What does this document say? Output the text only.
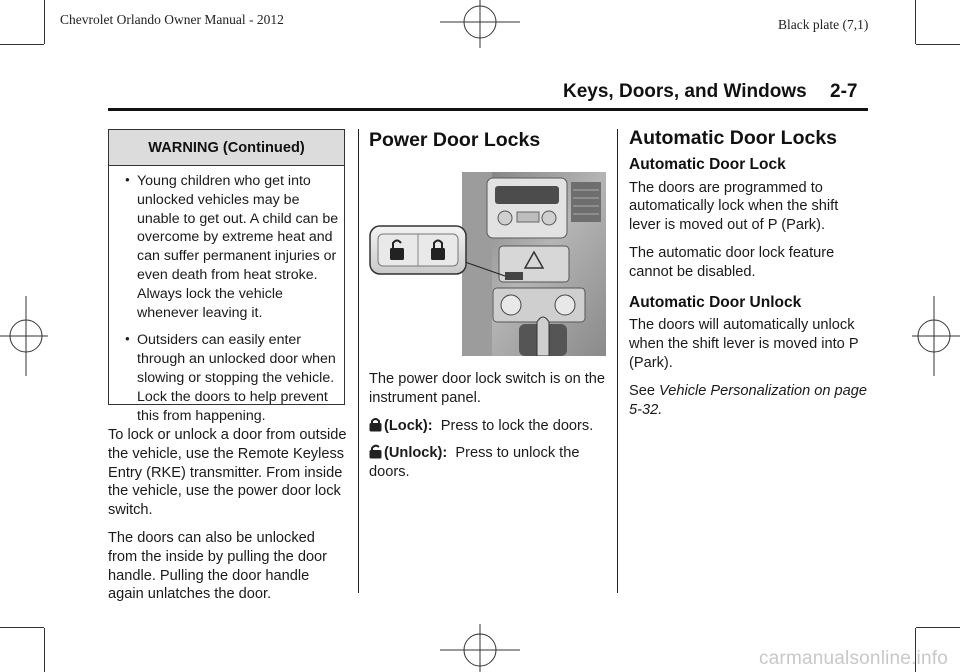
Chevrolet Orlando Owner Manual - 2012	Black plate (7,1)
Keys, Doors, and Windows 2-7
WARNING (Continued)
● Young children who get into unlocked vehicles may be unable to get out. A child can be overcome by extreme heat and can suffer permanent injuries or even death from heat stroke. Always lock the vehicle whenever leaving it.
● Outsiders can easily enter through an unlocked door when slowing or stopping the vehicle. Lock the doors to help prevent this from happening.

To lock or unlock a door from outside the vehicle, use the Remote Keyless Entry (RKE) transmitter. From inside the vehicle, use the power door lock switch.

The doors can also be unlocked from the inside by pulling the door handle. Pulling the door handle again unlatches the door.

Power Door Locks

The power door lock switch is on the instrument panel.

(Lock): Press to lock the doors.

(Unlock): Press to unlock the doors.

Automatic Door Locks
Automatic Door Lock

The doors are programmed to automatically lock when the shift lever is moved out of P (Park).

The automatic door lock feature cannot be disabled.

Automatic Door Unlock

The doors will automatically unlock when the shift lever is moved into P (Park).

See Vehicle Personalization on page 5-32.

carmanualsonline.info
